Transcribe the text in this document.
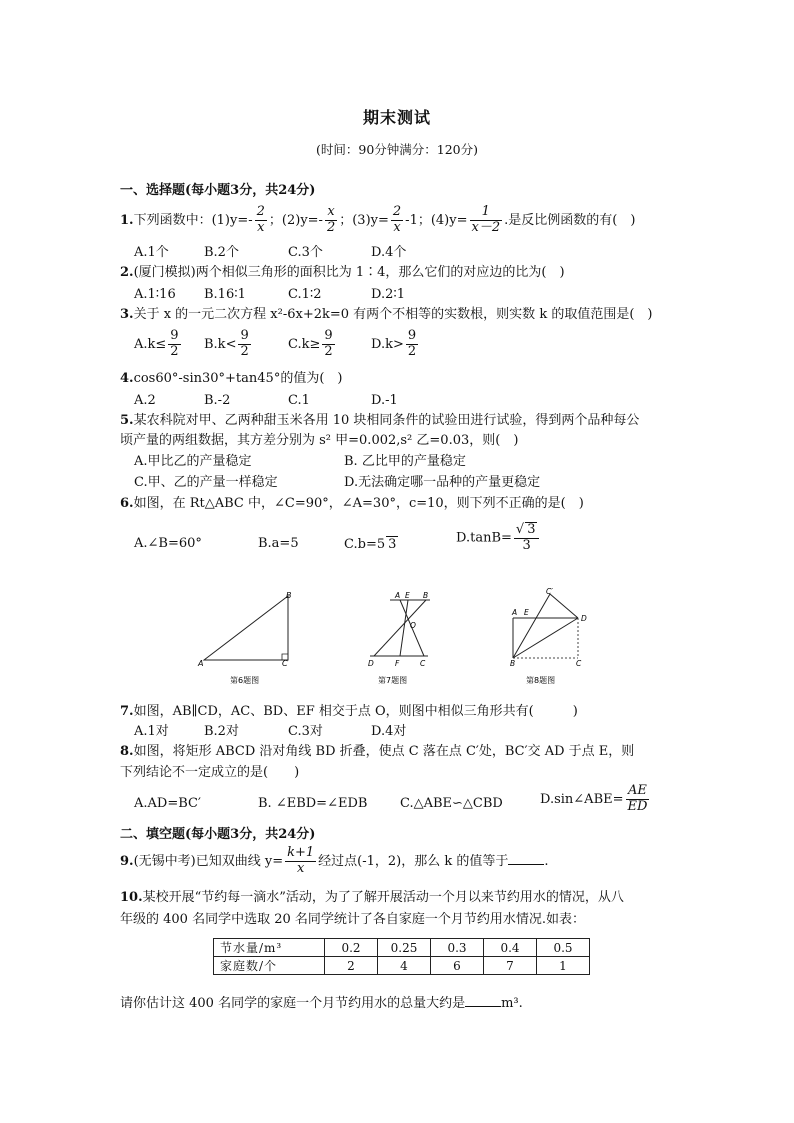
期末测试
(时间：90分钟满分：120分)
一、选择题(每小题3分，共24分)
1.下列函数中：$(1)y=- \frac{2}{x}$ ；$(2)y=- \frac{x}{2}$ ；$(3)y= \frac{2}{x} -1$；$(4)y= \frac{1}{x-2}$ .是反比例函数的有(　)
A.1个	B.2个	C.3个	D.4个
2.(厦门模拟)两个相似三角形的面积比为 1∶4，那么它们的对应边的比为(　)
A.1∶16 B.16∶1	C.1∶2	D.2∶1
3.关于 x 的一元二次方程 x²-6x+2k=0 有两个不相等的实数根，则实数 k 的取值范围是(　)
$A.k\le \frac{9}{2} B.k< \frac{9}{2}$	$C.k\ge \frac{9}{2}$	$D.k> \frac{9}{2}$
4.cos60°-sin30°+tan45°的值为(　)
A.2	B.-2	C.1	D.-1
5.某农科院对甲、乙两种甜玉米各用 10 块相同条件的试验田进行试验，得到两个品种每公
顷产量的两组数据，其方差分别为 s² 甲=0.002,s² 乙=0.03，则(　)
A.甲比乙的产量稳定	B. 乙比甲的产量稳定
C.甲、乙的产量一样稳定	D.无法确定哪一品种的产量更稳定
6.如图，在 Rt△ABC 中，∠C=90°，∠A=30°，c=10，则下列不正确的是(　)
A.∠B=60°	B.a=5	C.b=5 3	$D.\tan B= \frac{√ 3}{3}$
A
B
C
第6题图
A E B
O
D	F	C
第7题图
C′
E
A
D
B	C
第8题图
7.如图，AB∥CD，AC、BD、EF 相交于点 O，则图中相似三角形共有(　　　)
A.1对	B.2对	C.3对	D.4对
8.如图，将矩形 ABCD 沿对角线 BD 折叠，使点 C 落在点 C′处，BC′交 AD 于点 E，则
下列结论不一定成立的是(　　)
A.AD=BC′	B. ∠EBD=∠EDB	C.△ABE∽△CBD	D.sin∠ABE= $\frac{AE}{ED}$
二、填空题(每小题3分，共24分)
9.(无锡中考)已知双曲线 $y= \frac{k+1}{x}$ 经过点(-1，2)，那么 k 的值等于	.
10.某校开展“节约每一滴水”活动，为了了解开展活动一个月以来节约用水的情况，从八
年级的 400 名同学中选取 20 名同学统计了各自家庭一个月节约用水情况.如表：
节水量/m³	0.2	0.25	0.3	0.4	0.5
家庭数/个	2	4	6	7	1
请你估计这 400 名同学的家庭一个月节约用水的总量大约是	m³.
